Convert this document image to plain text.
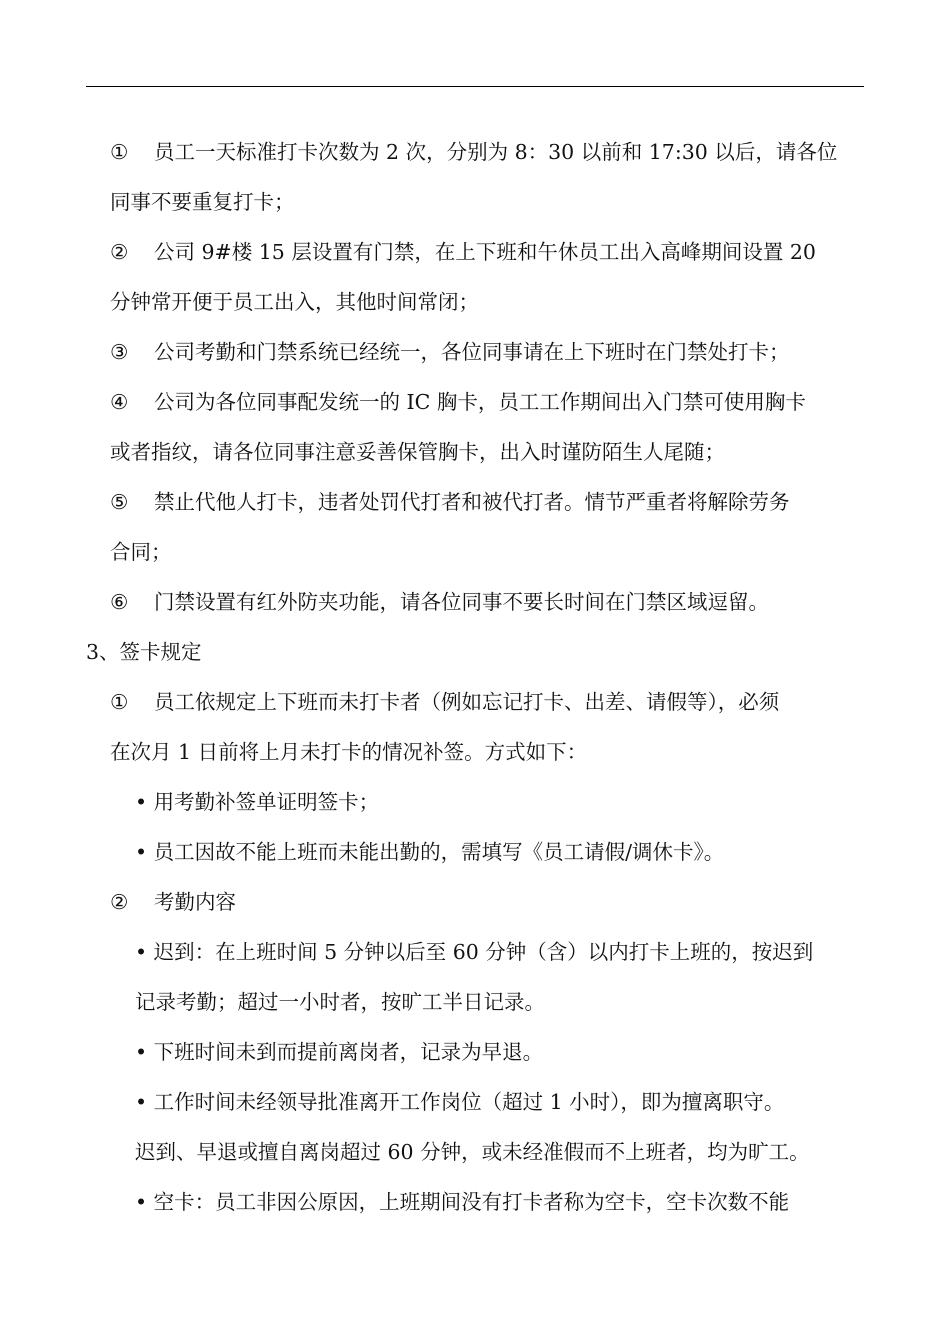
① 员工一天标准打卡次数为 2 次，分别为 8：30 以前和 17:30 以后，请各位
同事不要重复打卡；
② 公司 9#楼 15 层设置有门禁，在上下班和午休员工出入高峰期间设置 20
分钟常开便于员工出入，其他时间常闭；
③ 公司考勤和门禁系统已经统一，各位同事请在上下班时在门禁处打卡；
④ 公司为各位同事配发统一的 IC 胸卡，员工工作期间出入门禁可使用胸卡
或者指纹，请各位同事注意妥善保管胸卡，出入时谨防陌生人尾随；
⑤ 禁止代他人打卡，违者处罚代打者和被代打者。情节严重者将解除劳务
合同；
⑥ 门禁设置有红外防夹功能，请各位同事不要长时间在门禁区域逗留。
3、签卡规定
① 员工依规定上下班而未打卡者（例如忘记打卡、出差、请假等），必须
在次月 1 日前将上月未打卡的情况补签。方式如下：
• 用考勤补签单证明签卡；
• 员工因故不能上班而未能出勤的，需填写《员工请假/调休卡》。
② 考勤内容
• 迟到：在上班时间 5 分钟以后至 60 分钟（含）以内打卡上班的，按迟到
记录考勤；超过一小时者，按旷工半日记录。
• 下班时间未到而提前离岗者，记录为早退。
• 工作时间未经领导批准离开工作岗位（超过 1 小时），即为擅离职守。
迟到、早退或擅自离岗超过 60 分钟，或未经准假而不上班者，均为旷工。
• 空卡：员工非因公原因，上班期间没有打卡者称为空卡，空卡次数不能
